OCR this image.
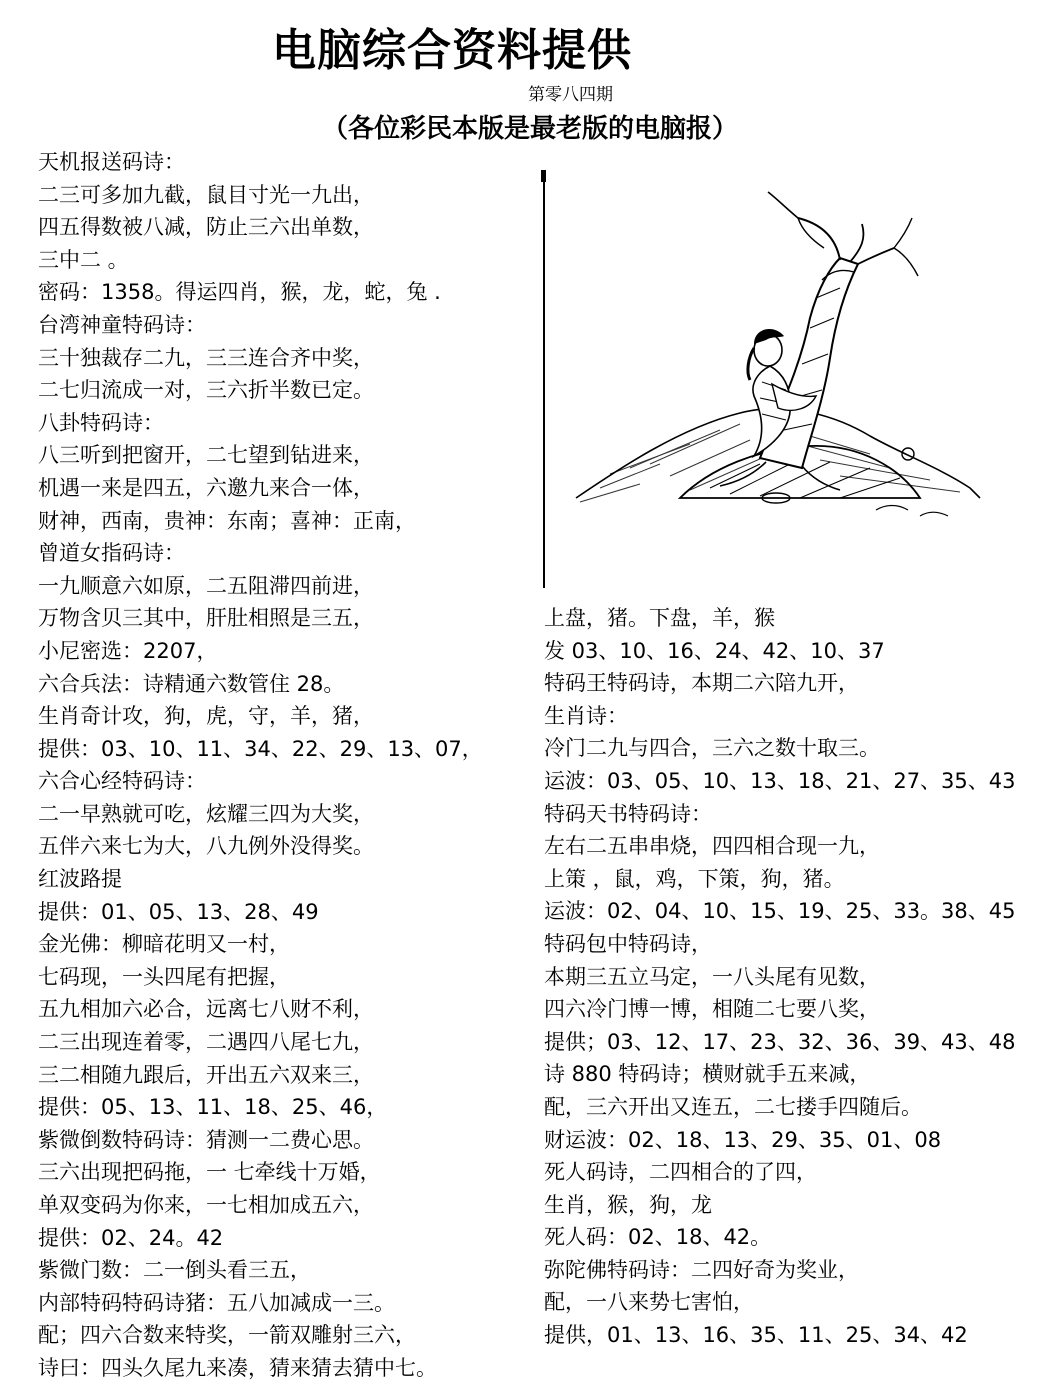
电脑综合资料提供
第零八四期
（各位彩民本版是最老版的电脑报）
天机报送码诗：
二三可多加九截，鼠目寸光一九出，
四五得数被八减，防止三六出单数，
三中二 。
密码：1358。得运四肖，猴，龙，蛇，兔 .
台湾神童特码诗：
三十独裁存二九，三三连合齐中奖，
二七归流成一对，三六折半数已定。
八卦特码诗：
八三听到把窗开，二七望到钻进来，
机遇一来是四五，六邀九来合一体，
财神，西南，贵神：东南；喜神：正南，
曾道女指码诗：
一九顺意六如原，二五阻滞四前进，
万物含贝三其中，肝肚相照是三五，
小尼密选：2207，
六合兵法：诗精通六数管住 28。
生肖奇计攻，狗，虎，守，羊，猪，
提供：03、10、11、34、22、29、13、07，
六合心经特码诗：
二一早熟就可吃，炫耀三四为大奖，
五伴六来七为大，八九例外没得奖。
红波路提
提供：01、05、13、28、49
金光佛：柳暗花明又一村，
七码现，一头四尾有把握，
五九相加六必合，远离七八财不利，
二三出现连着零，二遇四八尾七九，
三二相随九跟后，开出五六双来三，
提供：05、13、11、18、25、46，
紫微倒数特码诗：猜测一二费心思。
三六出现把码拖，一 七牵线十万婚，
单双变码为你来，一七相加成五六，
提供：02、24。42
紫微门数：二一倒头看三五，
内部特码特码诗猪：五八加减成一三。
配；四六合数来特奖，一箭双雕射三六，
诗曰：四头久尾九来凑，猜来猜去猜中七。
上盘，猪。下盘，羊，猴
发 03、10、16、24、42、10、37
特码王特码诗，本期二六陪九开，
生肖诗：
冷门二九与四合，三六之数十取三。
运波：03、05、10、13、18、21、27、35、43
特码天书特码诗：
左右二五串串烧，四四相合现一九，
上策 ，鼠，鸡，下策，狗，猪。
运波：02、04、10、15、19、25、33。38、45
特码包中特码诗，
本期三五立马定，一八头尾有见数，
四六冷门博一博，相随二七要八奖，
提供；03、12、17、23、32、36、39、43、48
诗 880 特码诗；横财就手五来减，
配，三六开出又连五，二七搂手四随后。
财运波：02、18、13、29、35、01、08
死人码诗，二四相合的了四，
生肖，猴，狗，龙
死人码：02、18、42。
弥陀佛特码诗：二四好奇为奖业，
配，一八来势七害怕，
提供，01、13、16、35、11、25、34、42
